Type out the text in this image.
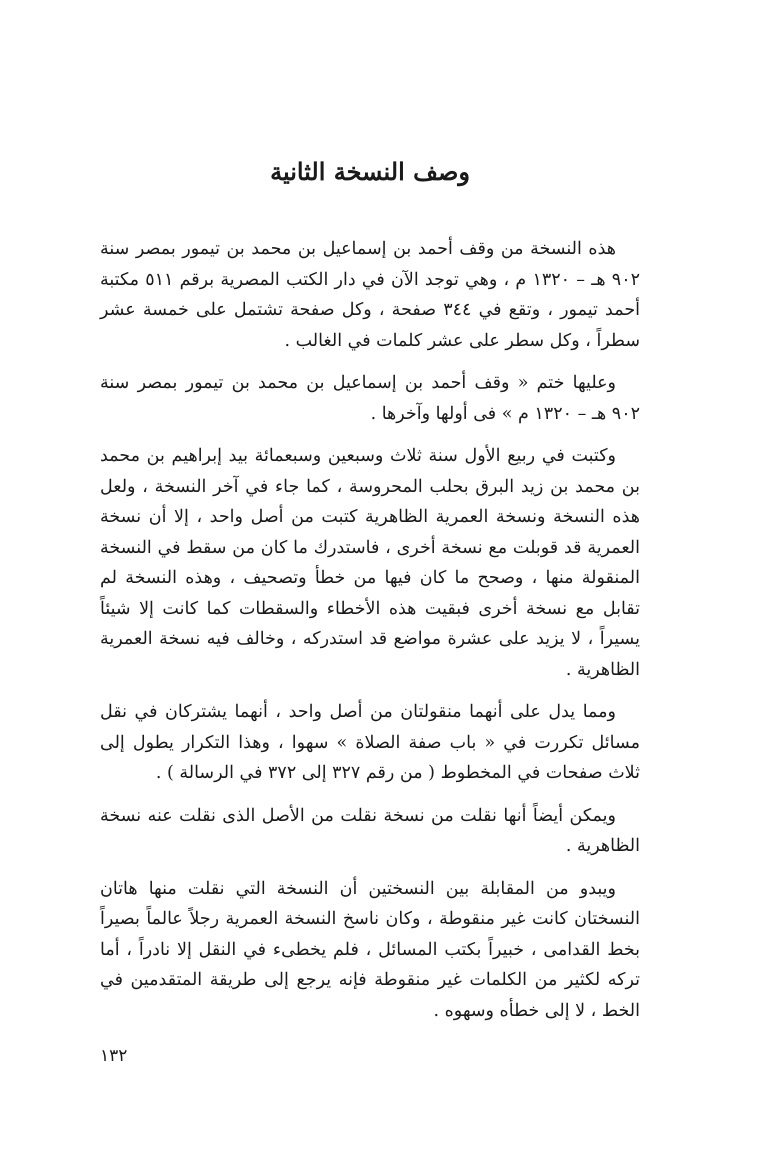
وصف النسخة الثانية

هذه النسخة من وقف أحمد بن إسماعيل بن محمد بن تيمور بمصر سنة ٩٠٢ هـ – ١٣٢٠ م ، وهي توجد الآن في دار الكتب المصرية برقم ٥١١ مكتبة أحمد تيمور ، وتقع في ٣٤٤ صفحة ، وكل صفحة تشتمل على خمسة عشر سطراً ، وكل سطر على عشر كلمات في الغالب .

وعليها ختم « وقف أحمد بن إسماعيل بن محمد بن تيمور بمصر سنة ٩٠٢ هـ – ١٣٢٠ م » فى أولها وآخرها .

وكتبت في ربيع الأول سنة ثلاث وسبعين وسبعمائة بيد إبراهيم بن محمد بن محمد بن زيد البرق بحلب المحروسة ، كما جاء في آخر النسخة ، ولعل هذه النسخة ونسخة العمرية الظاهرية كتبت من أصل واحد ، إلا أن نسخة العمرية قد قوبلت مع نسخة أخرى ، فاستدرك ما كان من سقط في النسخة المنقولة منها ، وصحح ما كان فيها من خطأ وتصحيف ، وهذه النسخة لم تقابل مع نسخة أخرى فبقيت هذه الأخطاء والسقطات كما كانت إلا شيئاً يسيراً ، لا يزيد على عشرة مواضع قد استدركه ، وخالف فيه نسخة العمرية الظاهرية .

ومما يدل على أنهما منقولتان من أصل واحد ، أنهما يشتركان في نقل مسائل تكررت في « باب صفة الصلاة » سهوا ، وهذا التكرار يطول إلى ثلاث صفحات في المخطوط ( من رقم ٣٢٧ إلى ٣٧٢ في الرسالة ) .

ويمكن أيضاً أنها نقلت من نسخة نقلت من الأصل الذى نقلت عنه نسخة الظاهرية .

ويبدو من المقابلة بين النسختين أن النسخة التي نقلت منها هاتان النسختان كانت غير منقوطة ، وكان ناسخ النسخة العمرية رجلاً عالماً بصيراً بخط القدامى ، خبيراً بكتب المسائل ، فلم يخطىء في النقل إلا نادراً ، أما تركه لكثير من الكلمات غير منقوطة فإنه يرجع إلى طريقة المتقدمين في الخط ، لا إلى خطأه وسهوه .

١٣٢
